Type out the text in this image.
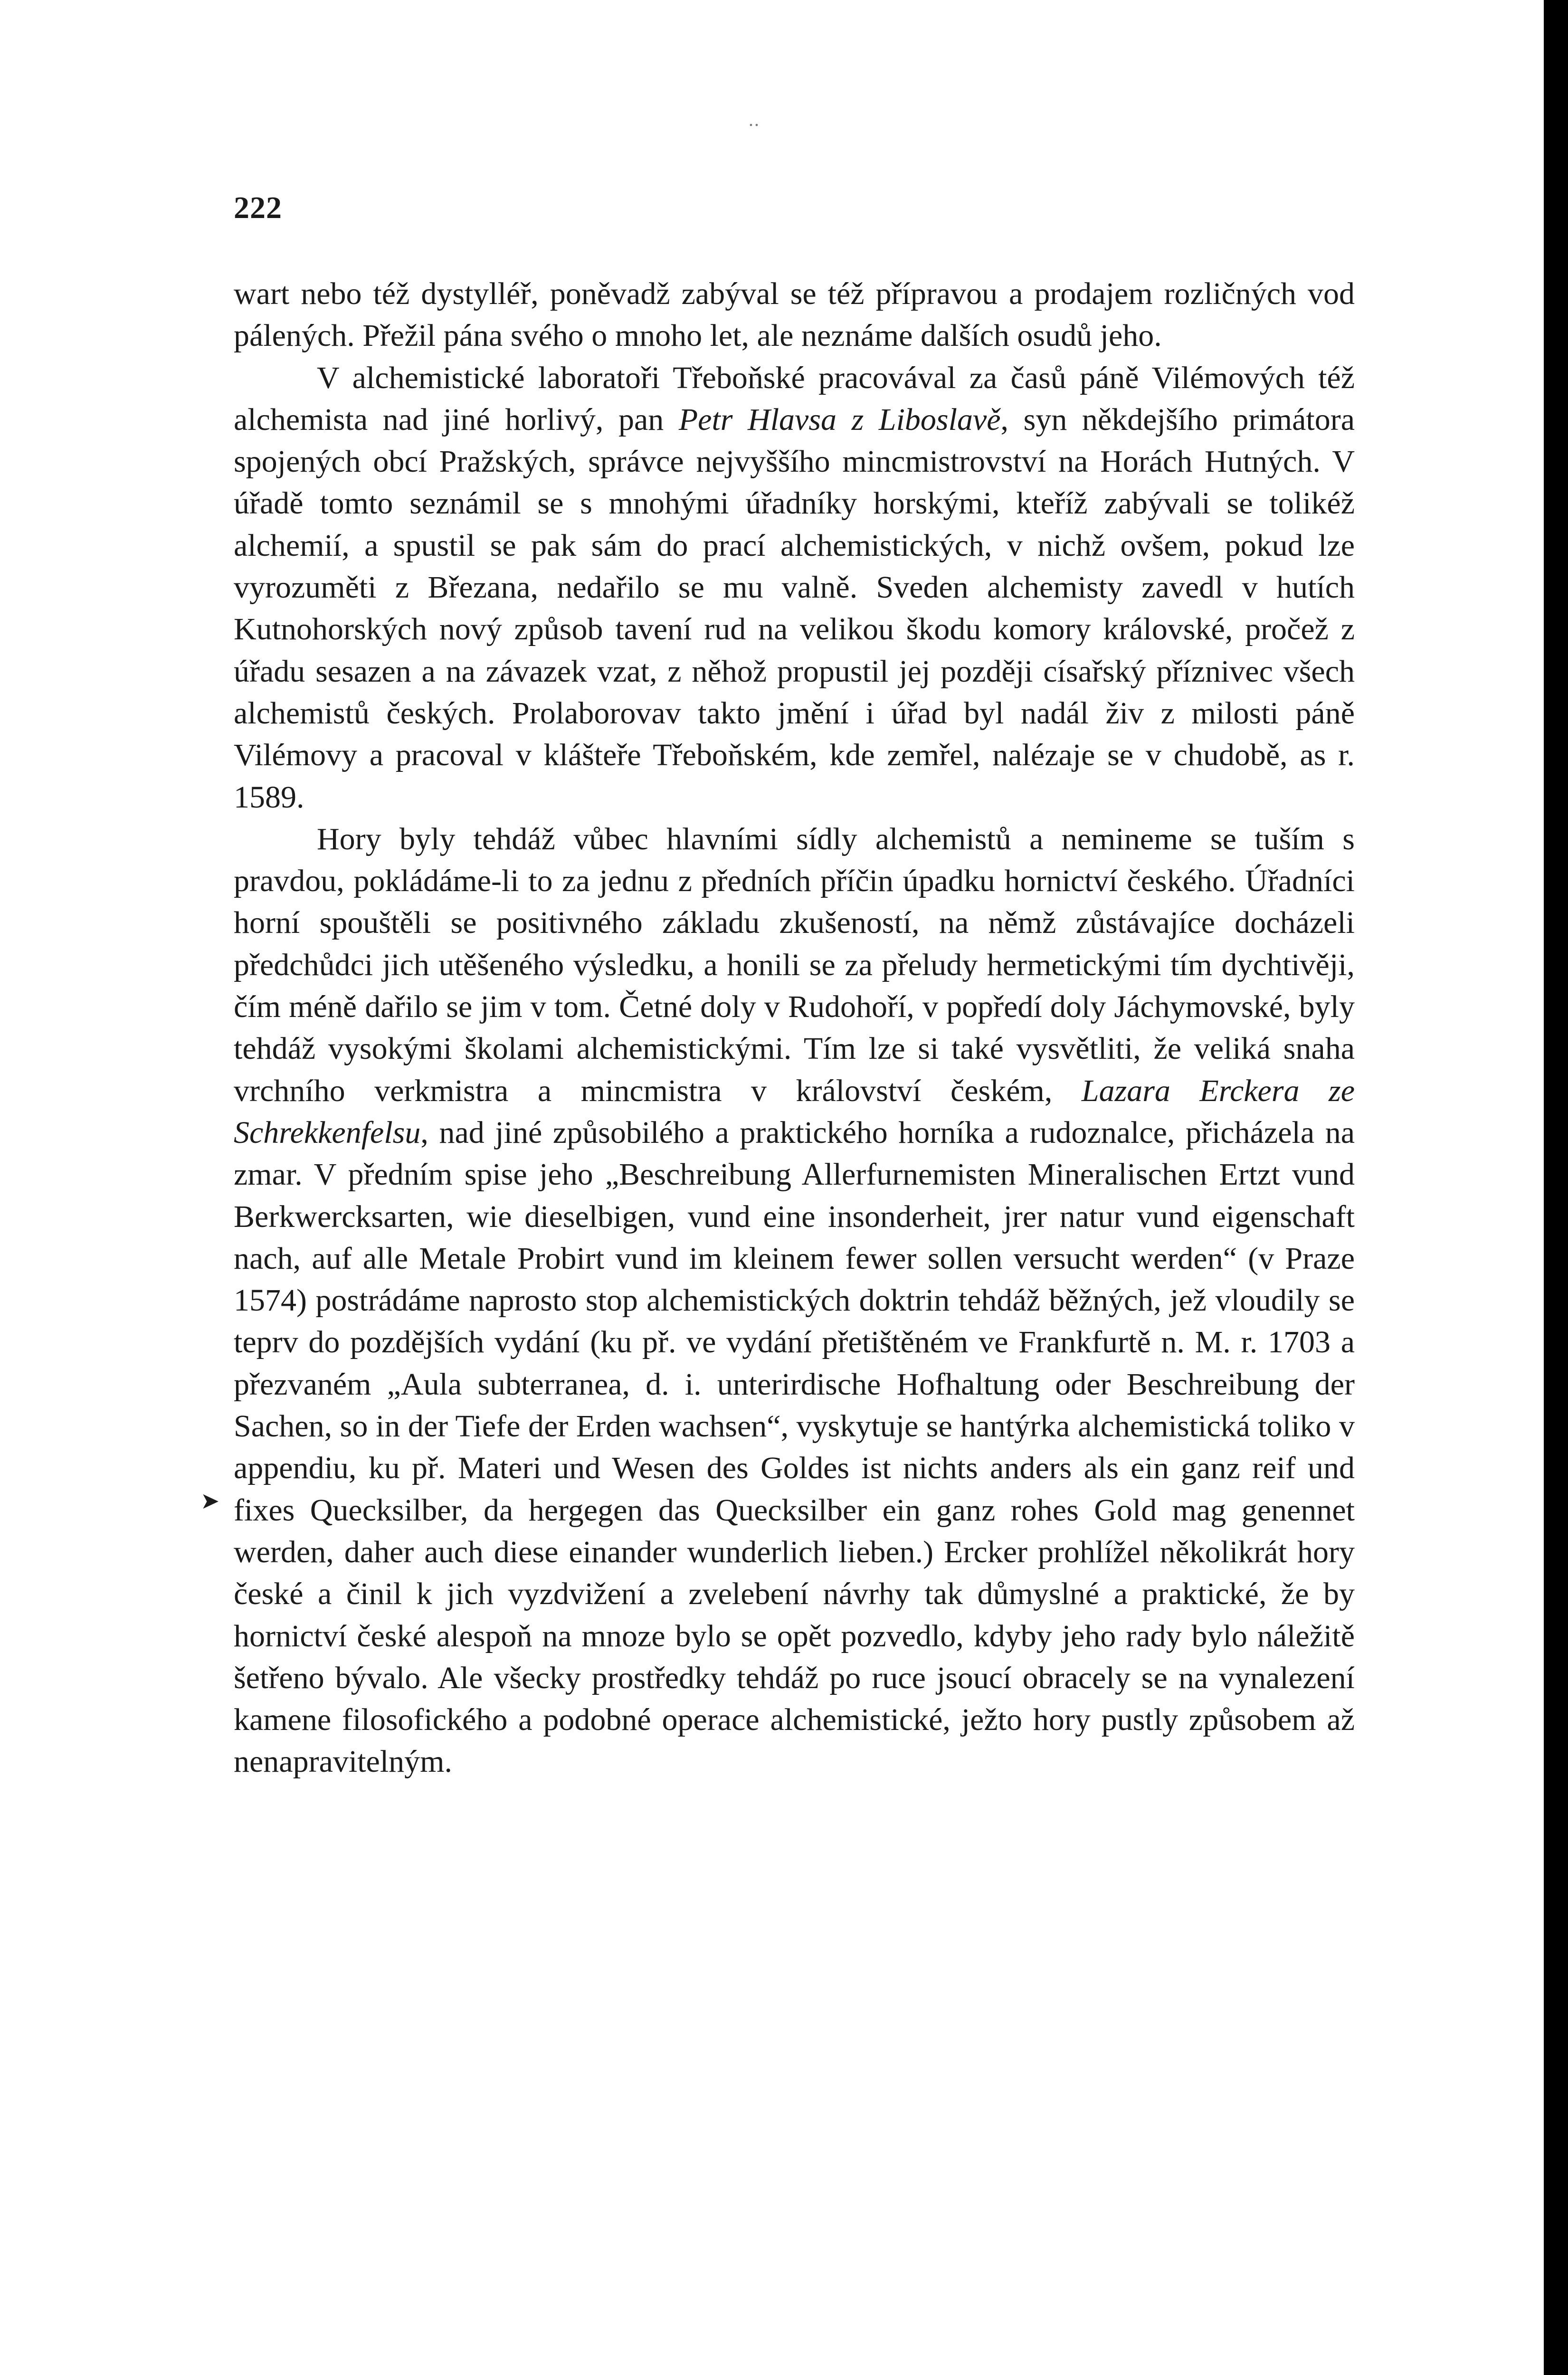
‥
222
➤

wart nebo též dystylléř, poněvadž zabýval se též přípravou a prodajem rozličných vod pálených. Přežil pána svého o mnoho let, ale neznáme dalších osudů jeho.

V alchemistické laboratoři Třeboňské pracovával za časů páně Vilémových též alchemista nad jiné horlivý, pan Petr Hlavsa z Liboslavě, syn někdejšího primátora spojených obcí Pražských, správce nejvyššího mincmistrovství na Horách Hutných. V úřadě tomto seznámil se s mnohými úřadníky horskými, kteříž zabývali se tolikéž alchemií, a spustil se pak sám do prací alchemistických, v nichž ovšem, pokud lze vyrozuměti z Březana, nedařilo se mu valně. Sveden alchemisty zavedl v hutích Kutnohorských nový způsob tavení rud na velikou škodu komory královské, pročež z úřadu sesazen a na závazek vzat, z něhož propustil jej později císařský příznivec všech alchemistů českých. Prolaborovav takto jmění i úřad byl nadál živ z milosti páně Vilémovy a pracoval v klášteře Třeboňském, kde zemřel, nalézaje se v chudobě, as r. 1589.

Hory byly tehdáž vůbec hlavními sídly alchemistů a nemineme se tuším s pravdou, pokládáme-li to za jednu z předních příčin úpadku hornictví českého. Úřadníci horní spouštěli se positivného základu zkušeností, na němž zůstávajíce docházeli předchůdci jich utěšeného výsledku, a honili se za přeludy hermetickými tím dychtivěji, čím méně dařilo se jim v tom. Četné doly v Rudohoří, v popředí doly Jáchymovské, byly tehdáž vysokými školami alchemistickými. Tím lze si také vysvětliti, že veliká snaha vrchního verkmistra a mincmistra v království českém, Lazara Erckera ze Schrekkenfelsu, nad jiné způsobilého a praktického horníka a rudoznalce, přicházela na zmar. V předním spise jeho „Beschreibung Allerfurnemisten Mineralischen Ertzt vund Berkwercksarten, wie dieselbigen, vund eine insonderheit, jrer natur vund eigenschaft nach, auf alle Metale Probirt vund im kleinem fewer sollen versucht werden“ (v Praze 1574) postrádáme naprosto stop alchemistických doktrin tehdáž běžných, jež vloudily se teprv do pozdějších vydání (ku př. ve vydání přetištěném ve Frankfurtě n. M. r. 1703 a přezvaném „Aula subterranea, d. i. unterirdische Hofhaltung oder Beschreibung der Sachen, so in der Tiefe der Erden wachsen“, vyskytuje se hantýrka alchemistická toliko v appendiu, ku př. Materi und Wesen des Goldes ist nichts anders als ein ganz reif und fixes Quecksilber, da hergegen das Quecksilber ein ganz rohes Gold mag genennet werden, daher auch diese einander wunderlich lieben.) Ercker prohlížel několikrát hory české a činil k jich vyzdvižení a zvelebení návrhy tak důmyslné a praktické, že by hornictví české alespoň na mnoze bylo se opět pozvedlo, kdyby jeho rady bylo náležitě šetřeno bývalo. Ale všecky prostředky tehdáž po ruce jsoucí obracely se na vynalezení kamene filosofického a podobné operace alchemistické, ježto hory pustly způsobem až nenapravitelným.
